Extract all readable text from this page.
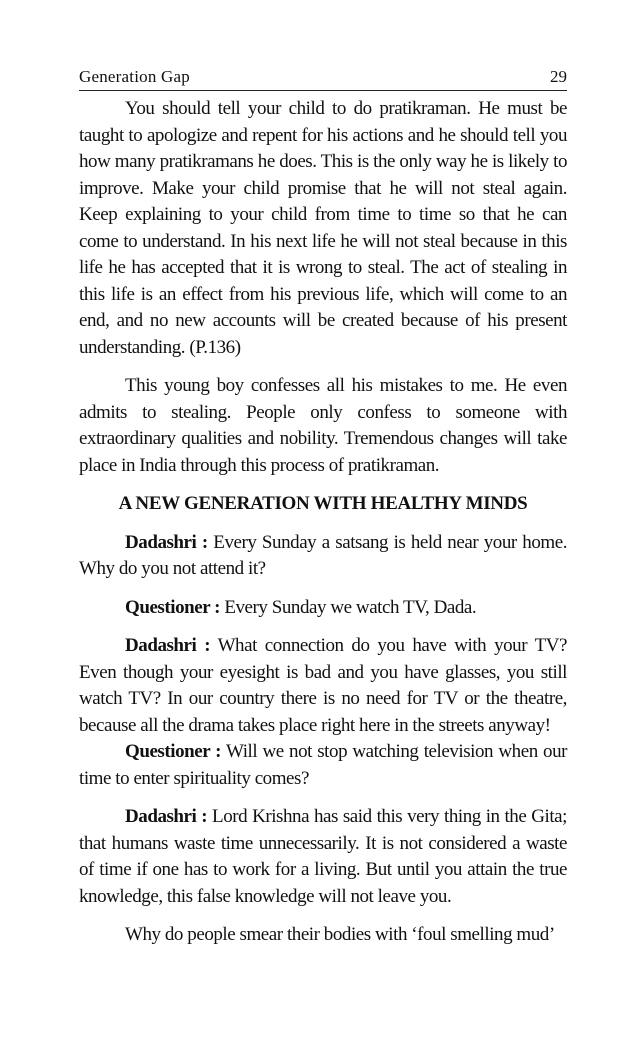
Generation Gap	29

You should tell your child to do pratikraman. He must be taught to apologize and repent for his actions and he should tell you how many pratikramans he does. This is the only way he is likely to improve. Make your child promise that he will not steal again. Keep explaining to your child from time to time so that he can come to understand. In his next life he will not steal because in this life he has accepted that it is wrong to steal. The act of stealing in this life is an effect from his previous life, which will come to an end, and no new accounts will be created because of his present understanding. (P.136)

This young boy confesses all his mistakes to me. He even admits to stealing. People only confess to someone with extraordinary qualities and nobility. Tremendous changes will take place in India through this process of pratikraman.

A NEW GENERATION WITH HEALTHY MINDS

Dadashri : Every Sunday a satsang is held near your home. Why do you not attend it?

Questioner : Every Sunday we watch TV, Dada.

Dadashri : What connection do you have with your TV? Even though your eyesight is bad and you have glasses, you still watch TV? In our country there is no need for TV or the theatre, because all the drama takes place right here in the streets anyway!

Questioner : Will we not stop watching television when our time to enter spirituality comes?

Dadashri : Lord Krishna has said this very thing in the Gita; that humans waste time unnecessarily. It is not considered a waste of time if one has to work for a living. But until you attain the true knowledge, this false knowledge will not leave you.

Why do people smear their bodies with ‘foul smelling mud’
